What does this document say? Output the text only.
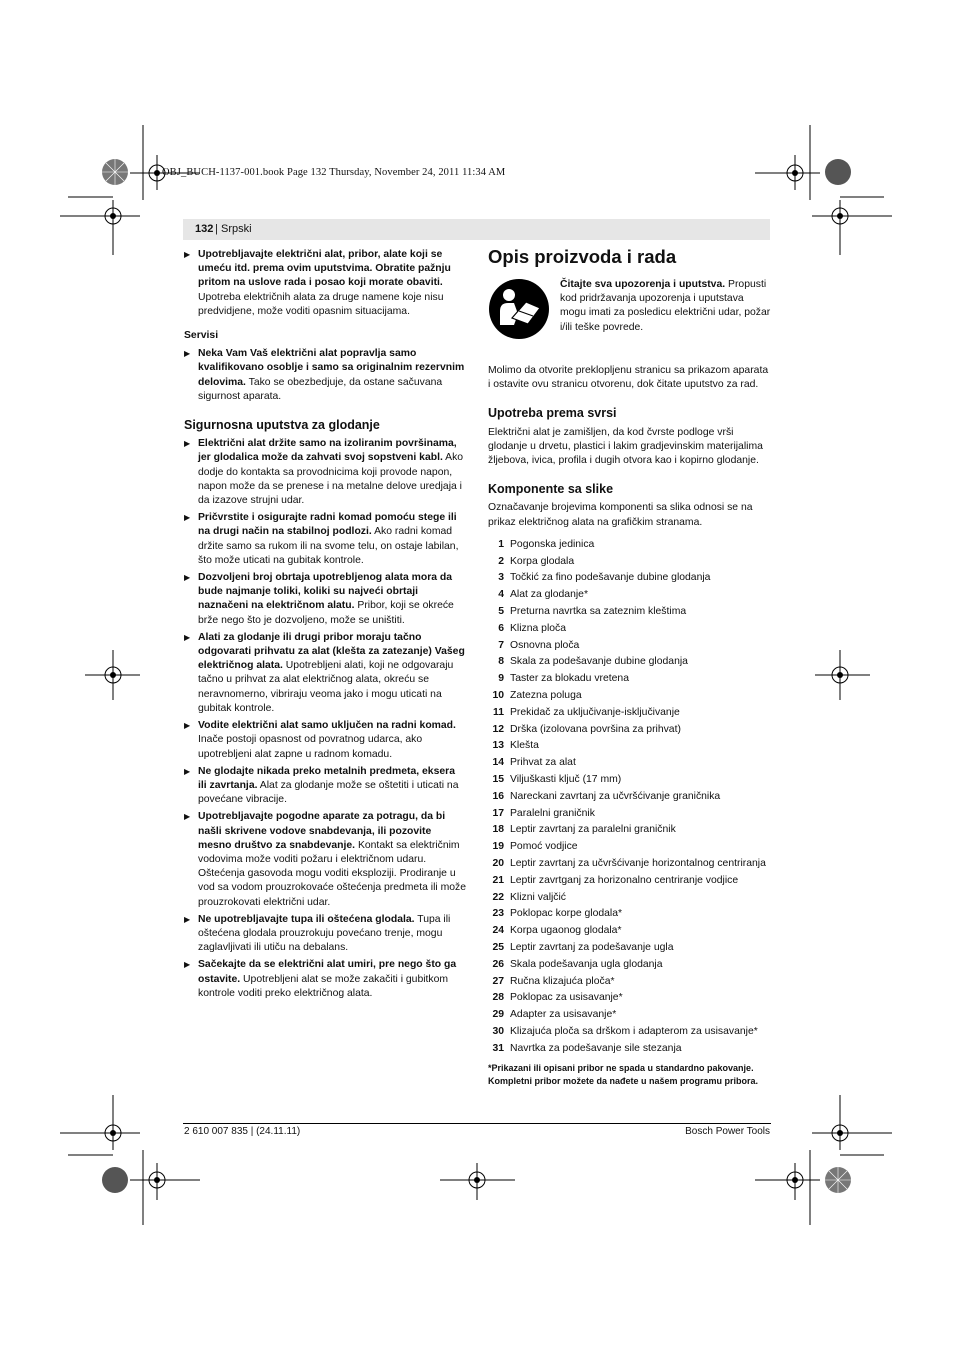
OBJ_BUCH-1137-001.book Page 132 Thursday, November 24, 2011 11:34 AM
132 | Srpski
▶ Upotrebljavajte električni alat, pribor, alate koji se umeću itd. prema ovim uputstvima. Obratite pažnju pritom na uslove rada i posao koji morate obaviti. Upotreba električnih alata za druge namene koje nisu predvidjene, može voditi opasnim situacijama.
Servisi
▶ Neka Vam Vaš električni alat popravlja samo kvalifikovano osoblje i samo sa originalnim rezervnim delovima. Tako se obezbedjuje, da ostane sačuvana sigurnost aparata.
Sigurnosna uputstva za glodanje
▶ Električni alat držite samo na izoliranim površinama, jer glodalica može da zahvati svoj sopstveni kabl. Ako dodje do kontakta sa provodnicima koji provode napon, napon može da se prenese i na metalne delove uredjaja i da izazove strujni udar.
▶ Pričvrstite i osigurajte radni komad pomoću stege ili na drugi način na stabilnoj podlozi. Ako radni komad držite samo sa rukom ili na svome telu, on ostaje labilan, što može uticati na gubitak kontrole.
▶ Dozvoljeni broj obrtaja upotrebljenog alata mora da bude najmanje toliki, koliki su najveći obrtaji naznačeni na električnom alatu. Pribor, koji se okreće brže nego što je dozvoljeno, može se uništiti.
▶ Alati za glodanje ili drugi pribor moraju tačno odgovarati prihvatu za alat (klešta za zatezanje) Vašeg električnog alata. Upotrebljeni alati, koji ne odgovaraju tačno u prihvat za alat električnog alata, okreću se neravnomerno, vibriraju veoma jako i mogu uticati na gubitak kontrole.
▶ Vodite električni alat samo uključen na radni komad. Inače postoji opasnost od povratnog udarca, ako upotrebljeni alat zapne u radnom komadu.
▶ Ne glodajte nikada preko metalnih predmeta, eksera ili zavrtanja. Alat za glodanje može se oštetiti i uticati na povećane vibracije.
▶ Upotrebljavajte pogodne aparate za potragu, da bi našli skrivene vodove snabdevanja, ili pozovite mesno društvo za snabdevanje. Kontakt sa električnim vodovima može voditi požaru i električnom udaru. Oštećenja gasovoda mogu voditi eksploziji. Prodiranje u vod sa vodom prouzrokovaće oštećenja predmeta ili može prouzrokovati električni udar.
▶ Ne upotrebljavajte tupa ili oštećena glodala. Tupa ili oštećena glodala prouzrokuju povećano trenje, mogu zaglavljivati ili utiču na debalans.
▶ Sačekajte da se električni alat umiri, pre nego što ga ostavite. Upotrebljeni alat se može zakačiti i gubitkom kontrole voditi preko električnog alata.
Opis proizvoda i rada
Čitajte sva upozorenja i uputstva. Propusti kod pridržavanja upozorenja i uputstava mogu imati za posledicu električni udar, požar i/ili teške povrede.

Molimo da otvorite preklopljenu stranicu sa prikazom aparata i ostavite ovu stranicu otvorenu, dok čitate uputstvo za rad.

Upotreba prema svrsi

Električni alat je zamišljen, da kod čvrste podloge vrši glodanje u drvetu, plastici i lakim gradjevinskim materijalima žljebova, ivica, profila i dugih otvora kao i kopirno glodanje.

Komponente sa slike

Označavanje brojevima komponenti sa slika odnosi se na prikaz električnog alata na grafičkim stranama.

1 Pogonska jedinica
2 Korpa glodala
3 Točkić za fino podešavanje dubine glodanja
4 Alat za glodanje*
5 Preturna navrtka sa zateznim kleštima
6 Klizna ploča
7 Osnovna ploča
8 Skala za podešavanje dubine glodanja
9 Taster za blokadu vretena
10 Zatezna poluga
11 Prekidač za uključivanje-isključivanje
12 Drška (izolovana površina za prihvat)
13 Klešta
14 Prihvat za alat
15 Viljuškasti ključ (17 mm)
16 Nareckani zavrtanj za učvršćivanje graničnika
17 Paralelni graničnik
18 Leptir zavrtanj za paralelni graničnik
19 Pomoć vodjice
20 Leptir zavrtanj za učvršćivanje horizontalnog centriranja
21 Leptir zavrtganj za horizonalno centriranje vodjice
22 Klizni valjčić
23 Poklopac korpe glodala*
24 Korpa ugaonog glodala*
25 Leptir zavrtanj za podešavanje ugla
26 Skala podešavanja ugla glodanja
27 Ručna klizajuća ploča*
28 Poklopac za usisavanje*
29 Adapter za usisavanje*
30 Klizajuća ploča sa drškom i adapterom za usisavanje*
31 Navrtka za podešavanje sile stezanja
*Prikazani ili opisani pribor ne spada u standardno pakovanje.
Kompletni pribor možete da nađete u našem programu pribora.
2 610 007 835 | (24.11.11)	Bosch Power Tools
